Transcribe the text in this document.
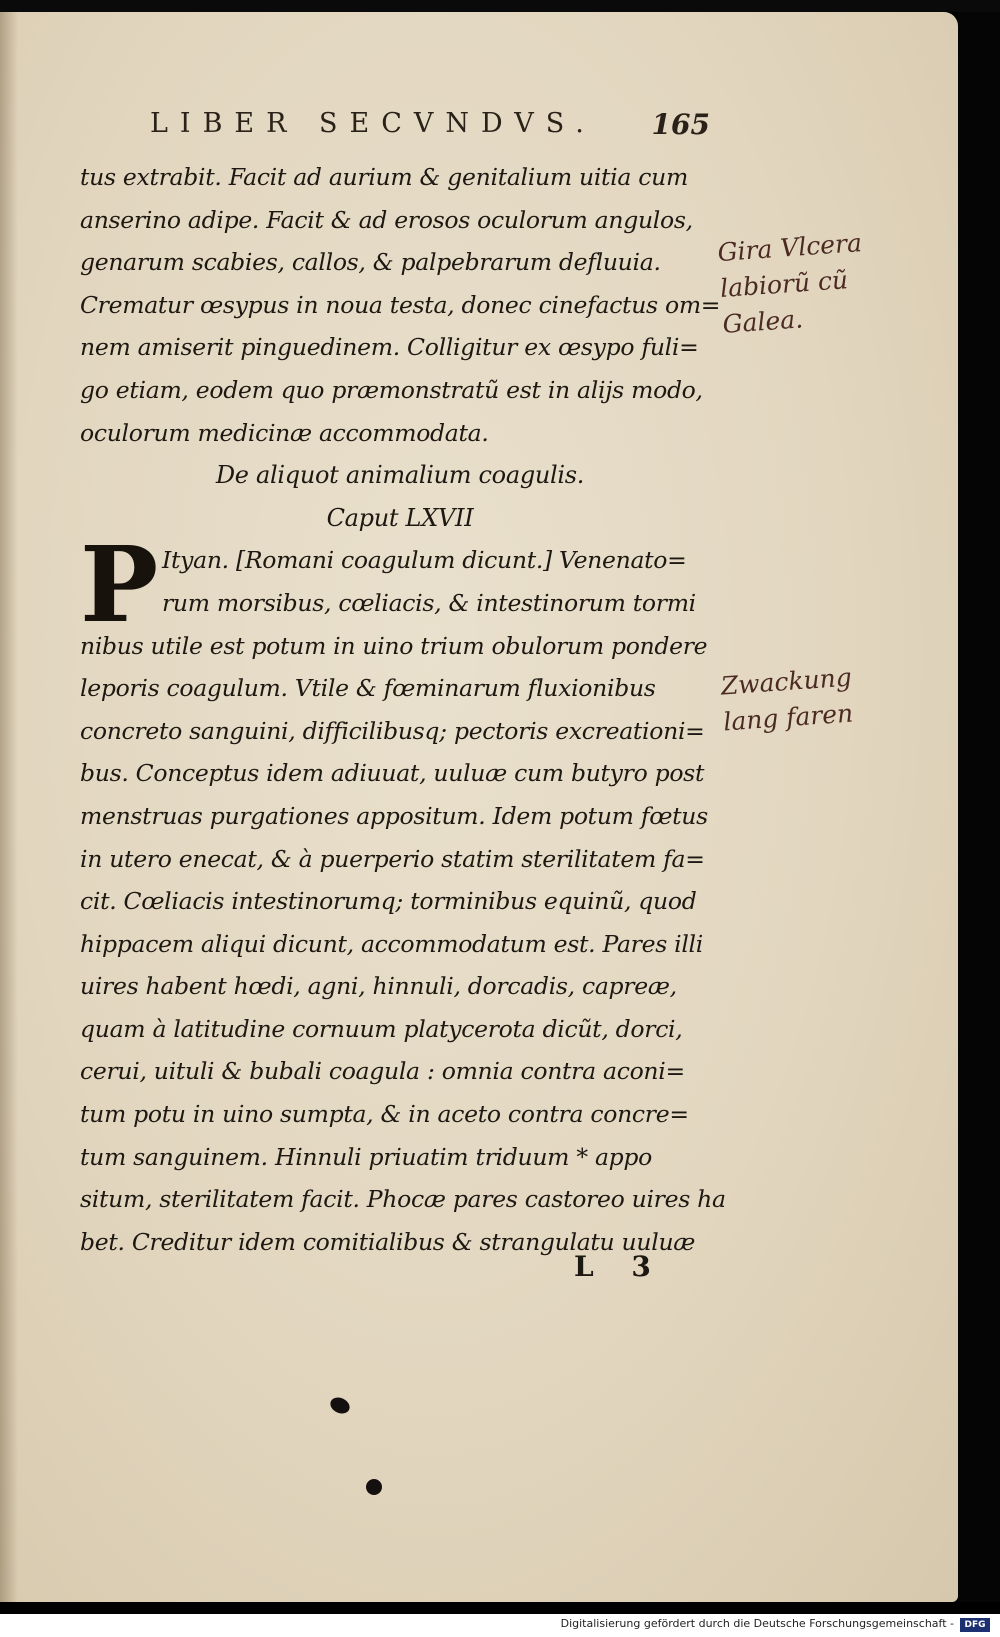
LIBER SECVNDVS. 165
tus extrabit. Facit ad aurium & genitalium uitia cum
anserino adipe. Facit & ad erosos oculorum angulos,
genarum scabies, callos, & palpebrarum defluuia.
Crematur œsypus in noua testa, donec cinefactus om=
nem amiserit pinguedinem. Colligitur ex œsypo fuli=
go etiam, eodem quo præmonstratũ est in alijs modo,
oculorum medicinæ accommodata.
De aliquot animalium coagulis.
Caput LXVII
Ityan. [Romani coagulum dicunt.] Venenato=
rum morsibus, cœliacis, & intestinorum tormi
nibus utile est potum in uino trium obulorum pondere
leporis coagulum. Vtile & fœminarum fluxionibus
concreto sanguini, difficilibusq; pectoris excreationi=
bus. Conceptus idem adiuuat, uuluæ cum butyro post
menstruas purgationes appositum. Idem potum fœtus
in utero enecat, & à puerperio statim sterilitatem fa=
cit. Cœliacis intestinorumq; torminibus equinũ, quod
hippacem aliqui dicunt, accommodatum est. Pares illi
uires habent hœdi, agni, hinnuli, dorcadis, capreæ,
quam à latitudine cornuum platycerota dicũt, dorci,
cerui, uituli & bubali coagula : omnia contra aconi=
tum potu in uino sumpta, & in aceto contra concre=
tum sanguinem. Hinnuli priuatim triduum * appo
situm, sterilitatem facit. Phocæ pares castoreo uires ha
bet. Creditur idem comitialibus & strangulatu uuluæ
P
L 3
Gira Vlcera
labiorũ cũ
Galea.
Zwackung
lang faren
Digitalisierung gefördert durch die Deutsche Forschungsgemeinschaft -	DFG
